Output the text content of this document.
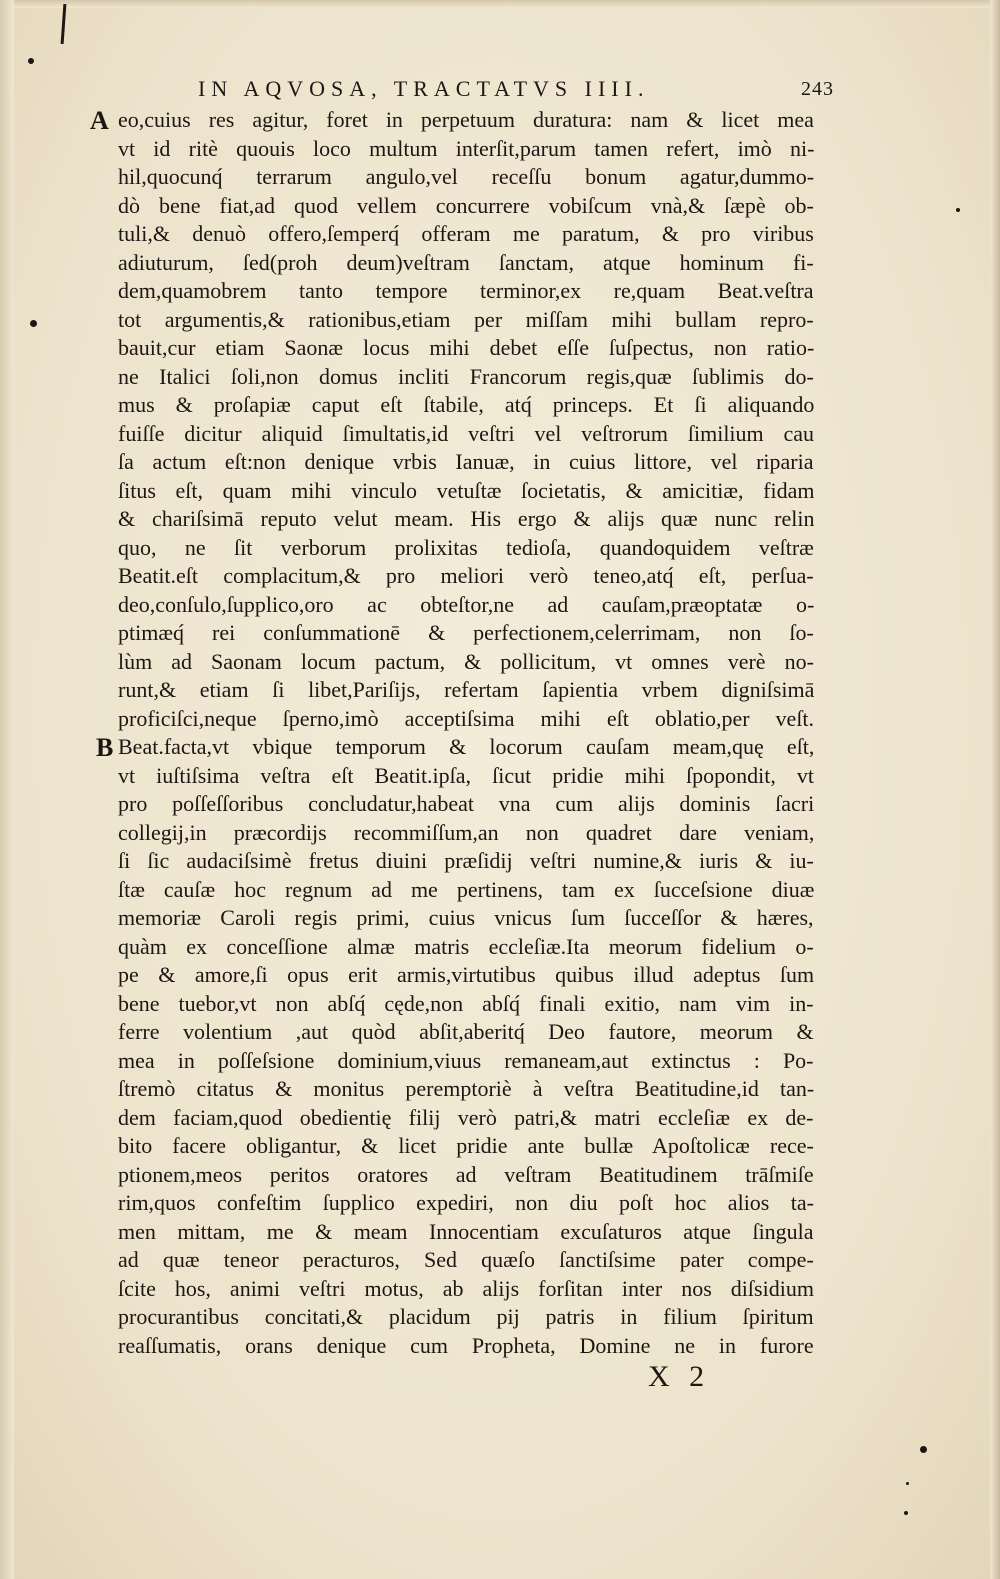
IN AQVOSA, TRACTATVS IIII.	243
A
B
eo,cuius res agitur, foret in perpetuum duratura: nam & licet mea
vt id ritè quouis loco multum interſit,parum tamen refert, imò ni-
hil,quocunq́ terrarum angulo,vel receſſu bonum agatur,dummo-
dò bene fiat,ad quod vellem concurrere vobiſcum vnà,& ſæpè ob-
tuli,& denuò offero,ſemperq́ offeram me paratum, & pro viribus
adiuturum, ſed(proh deum)veſtram ſanctam, atque hominum fi-
dem,quamobrem tanto tempore terminor,ex re,quam Beat.veſtra
tot argumentis,& rationibus,etiam per miſſam mihi bullam repro-
bauit,cur etiam Saonæ locus mihi debet eſſe ſuſpectus, non ratio-
ne Italici ſoli,non domus incliti Francorum regis,quæ ſublimis do-
mus & proſapiæ caput eſt ſtabile, atq́ princeps. Et ſi aliquando
fuiſſe dicitur aliquid ſimultatis,id veſtri vel veſtrorum ſimilium cau
ſa actum eſt:non denique vrbis Ianuæ, in cuius littore, vel riparia
ſitus eſt, quam mihi vinculo vetuſtæ ſocietatis, & amicitiæ, fidam
& chariſsimā reputo velut meam. His ergo & alijs quæ nunc relin
quo, ne ſit verborum prolixitas tedioſa, quandoquidem veſtræ
Beatit.eſt complacitum,& pro meliori verò teneo,atq́ eſt, perſua-
deo,conſulo,ſupplico,oro ac obteſtor,ne ad cauſam,præoptatæ o-
ptimæq́ rei conſummationē & perfectionem,celerrimam, non ſo-
lùm ad Saonam locum pactum, & pollicitum, vt omnes verè no-
runt,& etiam ſi libet,Pariſijs, refertam ſapientia vrbem digniſsimā
proficiſci,neque ſperno,imò acceptiſsima mihi eſt oblatio,per veſt.
Beat.facta,vt vbique temporum & locorum cauſam meam,quę eſt,
vt iuſtiſsima veſtra eſt Beatit.ipſa, ſicut pridie mihi ſpopondit, vt
pro poſſeſſoribus concludatur,habeat vna cum alijs dominis ſacri
collegij,in præcordijs recommiſſum,an non quadret dare veniam,
ſi ſic audaciſsimè fretus diuini præſidij veſtri numine,& iuris & iu-
ſtæ cauſæ hoc regnum ad me pertinens, tam ex ſucceſsione diuæ
memoriæ Caroli regis primi, cuius vnicus ſum ſucceſſor & hæres,
quàm ex conceſſione almæ matris eccleſiæ.Ita meorum fidelium o-
pe & amore,ſi opus erit armis,virtutibus quibus illud adeptus ſum
bene tuebor,vt non abſq́ cęde,non abſq́ finali exitio, nam vim in-
ferre volentium ,aut quòd abſit,aberitq́ Deo fautore, meorum &
mea in poſſeſsione dominium,viuus remaneam,aut extinctus : Po-
ſtremò citatus & monitus peremptoriè à veſtra Beatitudine,id tan-
dem faciam,quod obedientię filij verò patri,& matri eccleſiæ ex de-
bito facere obligantur, & licet pridie ante bullæ Apoſtolicæ rece-
ptionem,meos peritos oratores ad veſtram Beatitudinem trāſmiſe
rim,quos confeſtim ſupplico expediri, non diu poſt hoc alios ta-
men mittam, me & meam Innocentiam excuſaturos atque ſingula
ad quæ teneor peracturos, Sed quæſo ſanctiſsime pater compe-
ſcite hos, animi veſtri motus, ab alijs forſitan inter nos diſsidium
procurantibus concitati,& placidum pij patris in filium ſpiritum
reaſſumatis, orans denique cum Propheta, Domine ne in furore
X 2
